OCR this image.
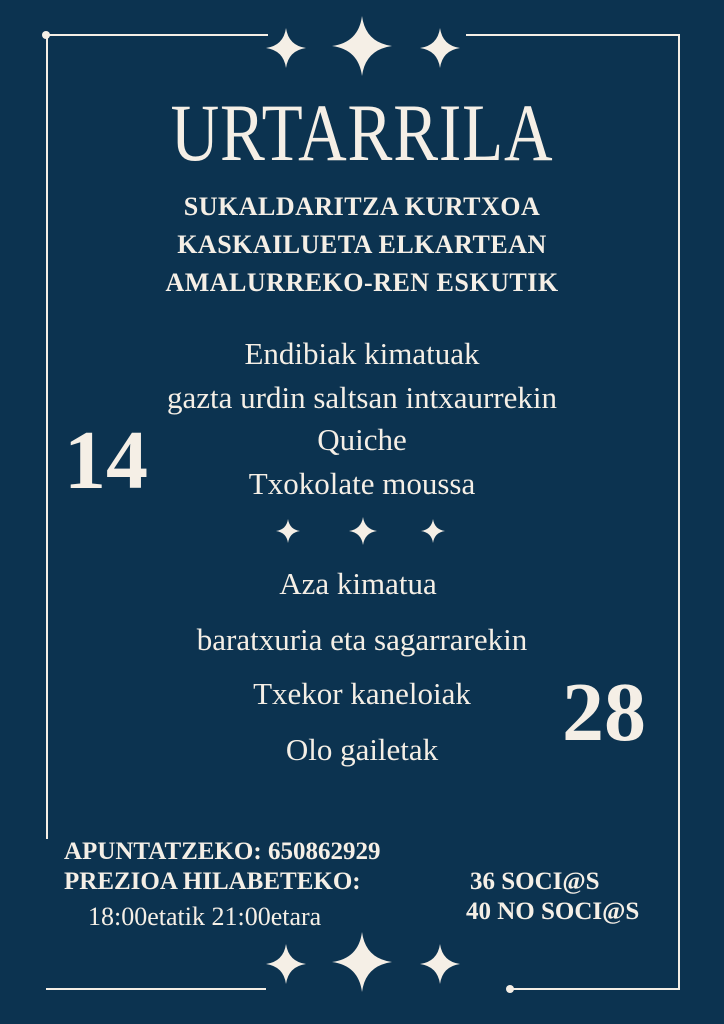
URTARRILA
SUKALDARITZA KURTXOA
KASKAILUETA ELKARTEAN
AMALURREKO-REN ESKUTIK
14
Endibiak kimatuak
gazta urdin saltsan intxaurrekin
Quiche
Txokolate moussa
Aza kimatua
baratxuria eta sagarrarekin
Txekor kaneloiak
Olo gailetak	28
APUNTATZEKO: 650862929
PREZIOA HILABETEKO:
18:00etatik 21:00etara
36 SOCI@S
40 NO SOCI@S
